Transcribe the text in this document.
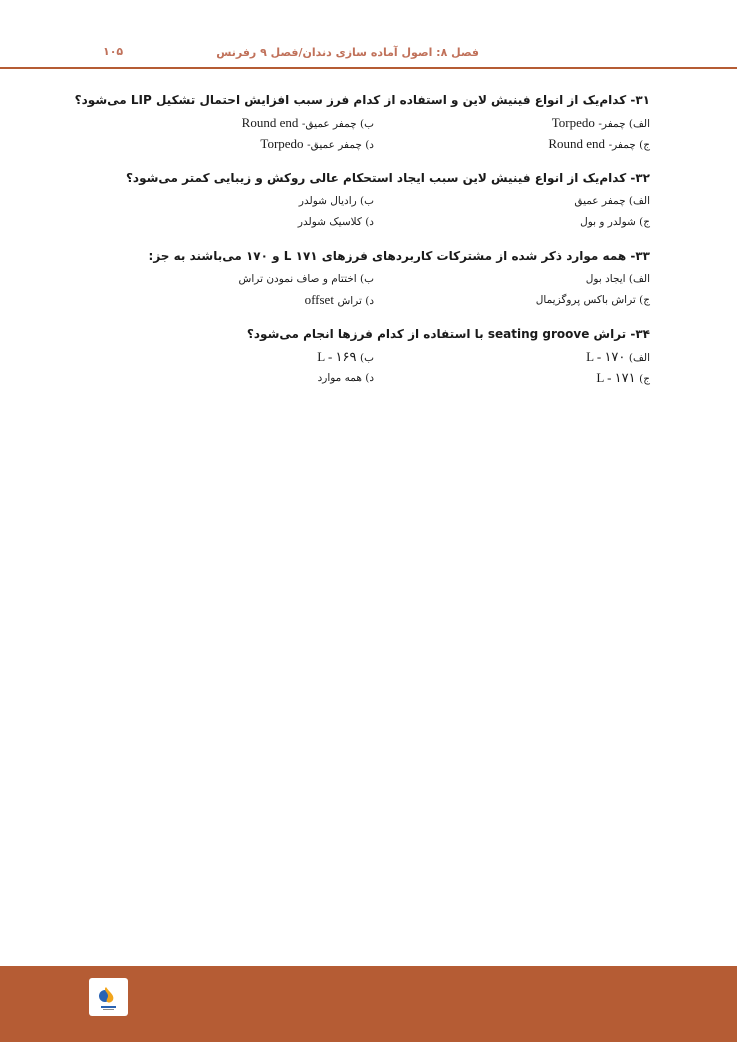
فصل ۸: اصول آماده سازی دندان/فصل ۹ رفرنس
۱۰۵
۳۱- کدام‌یک از انواع فینیش لاین و استفاده از کدام فرز سبب افزایش احتمال تشکیل LIP می‌شود؟
الف) چمفر- Torpedo
ب) چمفر عمیق- Round end
ج) چمفر- Round end
د) چمفر عمیق- Torpedo
۳۲- کدام‌یک از انواع فینیش لاین سبب ایجاد استحکام عالی روکش و زیبایی کمتر می‌شود؟
الف) چمفر عمیق
ب) رادیال شولدر
ج) شولدر و بول
د) کلاسیک شولدر
۳۳- همه موارد ذکر شده از مشترکات کاربردهای فرزهای L ۱۷۱ و ۱۷۰ می‌باشند به جز:
الف) ایجاد بول
ب) اختتام و صاف نمودن تراش
ج) تراش باکس پروگزیمال
د) تراش offset
۳۴- تراش seating groove با استفاده از کدام فرزها انجام می‌شود؟
الف) L - ۱۷۰
ب) L - ۱۶۹
ج) L - ۱۷۱
د) همه موارد
